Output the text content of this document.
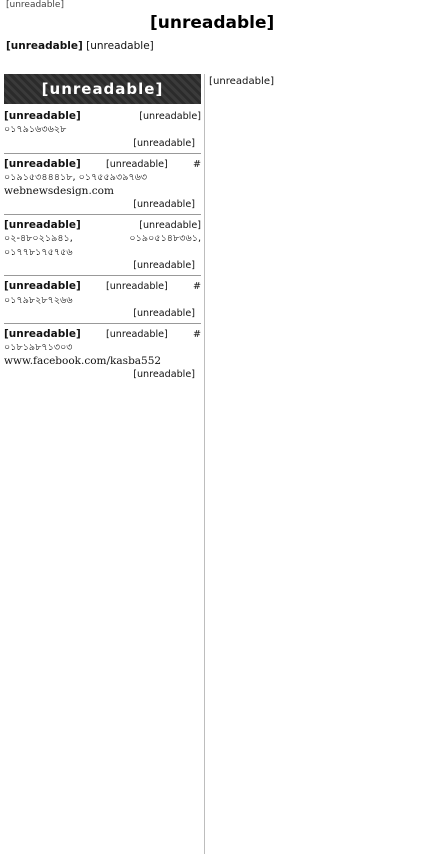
[unreadable]
[unreadable]
[unreadable] [unreadable]
[unreadable]
[unreadable]	[unreadable] ০১৭৯১৬৩৬২৮
[unreadable]
[unreadable]	[unreadable]	# ০১৯১৫৩৪৪৪১৮, ০১৭৫৫৯৩৯৭৬৩
webnewsdesign.com
[unreadable]
[unreadable]	[unreadable] ০২-৪৮০২১৯৪১, ০১৯০৫১৪৮৩৬১, ০১৭৭৮১৭৫৭৫৬
[unreadable]
[unreadable]	[unreadable]	# ০১৭৯৮২৮৭২৬৬
[unreadable]
[unreadable]	[unreadable]	# ০১৮১৯৮৭১৩০৩
www.facebook.com/kasba552
[unreadable]
[unreadable]
